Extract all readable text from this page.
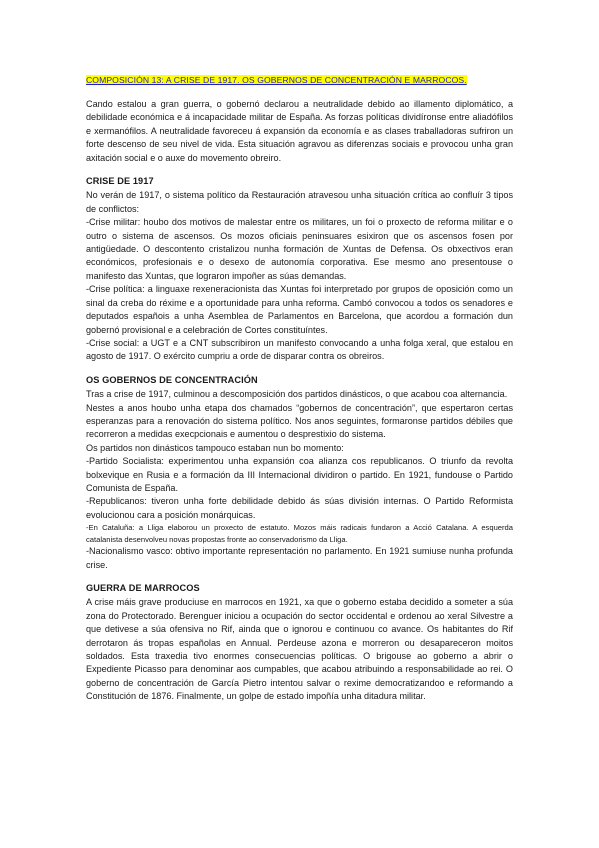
COMPOSICIÓN 13: A CRISE DE 1917. OS GOBERNOS DE CONCENTRACIÓN E MARROCOS.

Cando estalou a gran guerra, o gobernó declarou a neutralidade debido ao illamento diplomático, a debilidade económica e á incapacidade militar de España. As forzas políticas dividíronse entre aliadófilos e xermanófilos. A neutralidade favoreceu á expansión da economía e as clases traballadoras sufriron un forte descenso de seu nivel de vida. Esta situación agravou as diferenzas sociais e provocou unha gran axitación social e o auxe do movemento obreiro.

CRISE DE 1917

No verán de 1917, o sistema político da Restauración atravesou unha situación crítica ao confluír 3 tipos de conflictos:

-Crise militar: houbo dos motivos de malestar entre os militares, un foi o proxecto de reforma militar e o outro o sistema de ascensos. Os mozos oficiais peninsuares esixiron que os ascensos fosen por antigüedade. O descontento cristalizou nunha formación de Xuntas de Defensa. Os obxectivos eran económicos, profesionais e o desexo de autonomía corporativa. Ese mesmo ano presentouse o manifesto das Xuntas, que lograron impoñer as súas demandas.

-Crise política: a linguaxe rexeneracionista das Xuntas foi interpretado por grupos de oposición como un sinal da creba do réxime e a oportunidade para unha reforma. Cambó convocou a todos os senadores e deputados españois a unha Asemblea de Parlamentos en Barcelona, que acordou a formación dun gobernó provisional e a celebración de Cortes constituíntes.

-Crise social: a UGT e a CNT subscribiron un manifesto convocando a unha folga xeral, que estalou en agosto de 1917. O exército cumpriu a orde de disparar contra os obreiros.

OS GOBERNOS DE CONCENTRACIÓN

Tras a crise de 1917, culminou a descomposición dos partidos dinásticos, o que acabou coa alternancia.

Nestes a anos houbo unha etapa dos chamados “gobernos de concentración”, que espertaron certas esperanzas para a renovación do sistema político. Nos anos seguintes, formaronse partidos débiles que recorreron a medidas execpcionais e aumentou o desprestixio do sistema.

Os partidos non dinásticos tampouco estaban nun bo momento:

-Partido Socialista: experimentou unha expansión coa alianza cos republicanos. O triunfo da revolta bolxevique en Rusia e a formación da III Internacional dividiron o partido. En 1921, fundouse o Partido Comunista de España.

-Republicanos: tiveron unha forte debilidade debido ás súas división internas. O Partido Reformista evolucionou cara a posición monárquicas.

-En Cataluña: a Lliga elaborou un proxecto de estatuto. Mozos máis radicais fundaron a Acció Catalana. A esquerda catalanista desenvolveu novas propostas fronte ao conservadorismo da Lliga.

-Nacionalismo vasco: obtivo importante representación no parlamento. En 1921 sumiuse nunha profunda crise.

GUERRA DE MARROCOS

A crise máis grave produciuse en marrocos en 1921, xa que o goberno estaba decidido a someter a súa zona do Protectorado. Berenguer iniciou a ocupación do sector occidental e ordenou ao xeral Silvestre a que detivese a súa ofensiva no Rif, ainda que o ignorou e continuou co avance. Os habitantes do Rif derrotaron ás tropas españolas en Annual. Perdeuse azona e morreron ou desapareceron moitos soldados. Esta traxedia tivo enormes consecuencias políticas. O brigouse ao goberno a abrir o Expediente Picasso para denominar aos cumpables, que acabou atribuindo a responsabilidade ao rei. O goberno de concentración de García Pietro intentou salvar o rexime democratizandoo e reformando a Constitución de 1876. Finalmente, un golpe de estado impoñía unha ditadura militar.
